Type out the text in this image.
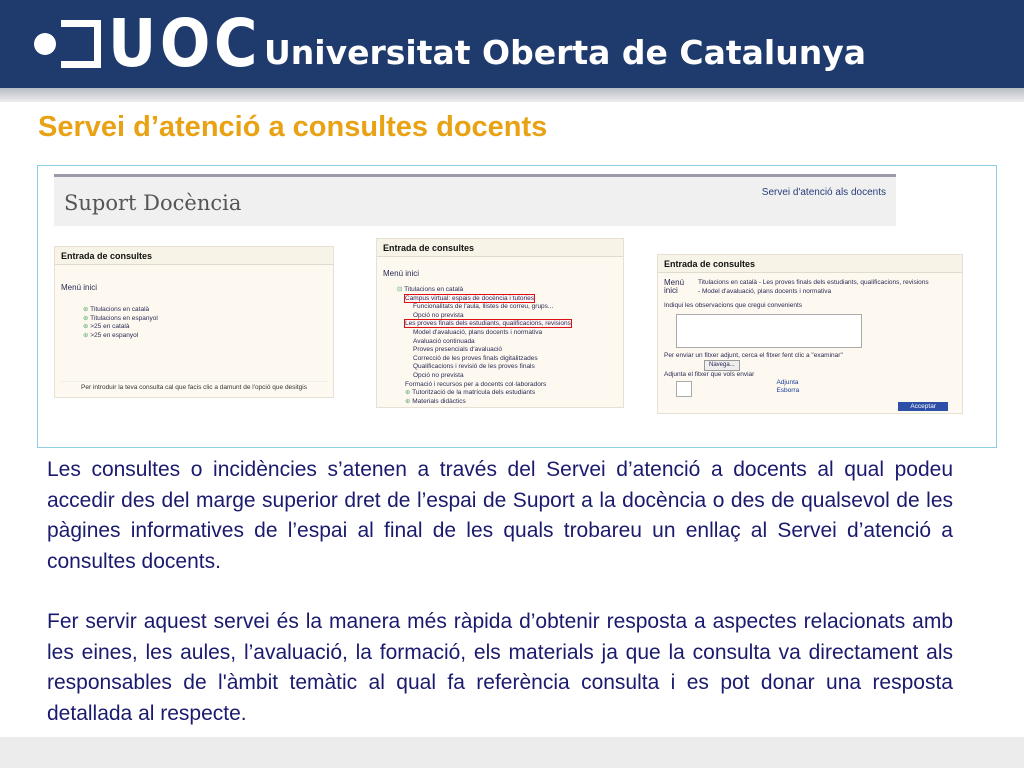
UOC Universitat Oberta de Catalunya
Servei d’atenció a consultes docents
Suport Docència	Servei d'atenció als docents
Entrada de consultes
Menú inici
⊕ Titulacions en català
⊕ Titulacions en espanyol
⊕ >25 en català
⊕ >25 en espanyol
Per introduir la teva consulta cal que facis clic a damunt de l'opció que desitgis
Entrada de consultes
Menú inici
⊟ Titulacions en català
Campus virtual: espais de docència i tutories
Funcionalitats de l'aula, llistes de correu, grups...
Opció no prevista
Les proves finals dels estudiants, qualificacions, revisions
Model d'avaluació, plans docents i normativa
Avaluació continuada
Proves presencials d'avaluació
Correcció de les proves finals digitalitzades
Qualificacions i revisió de les proves finals
Opció no prevista
Formació i recursos per a docents col·laboradors
⊕ Tutorització de la matrícula dels estudiants
⊕ Materials didàctics
Entrada de consultes
Menú inici
Titulacions en català - Les proves finals dels estudiants, qualificacions, revisions
- Model d'avaluació, plans docents i normativa
Indiqui les observacions que cregui convenients
Per enviar un fitxer adjunt, cerca el fitxer fent clic a "examinar"
Navega...
Adjunta el fitxer que vols enviar

Adjunta
Esborra
Acceptar

Les consultes o incidències s’atenen a través del Servei d’atenció a docents al qual podeu accedir des del marge superior dret de l’espai de Suport a la docència o des de qualsevol de les pàgines informatives de l’espai al final de les quals trobareu un enllaç al Servei d’atenció a consultes docents.

Fer servir aquest servei és la manera més ràpida d’obtenir resposta a aspectes relacionats amb les eines, les aules, l’avaluació, la formació, els materials ja que la consulta va directament als responsables de l'àmbit temàtic al qual fa referència consulta i es pot donar una resposta detallada al respecte.
